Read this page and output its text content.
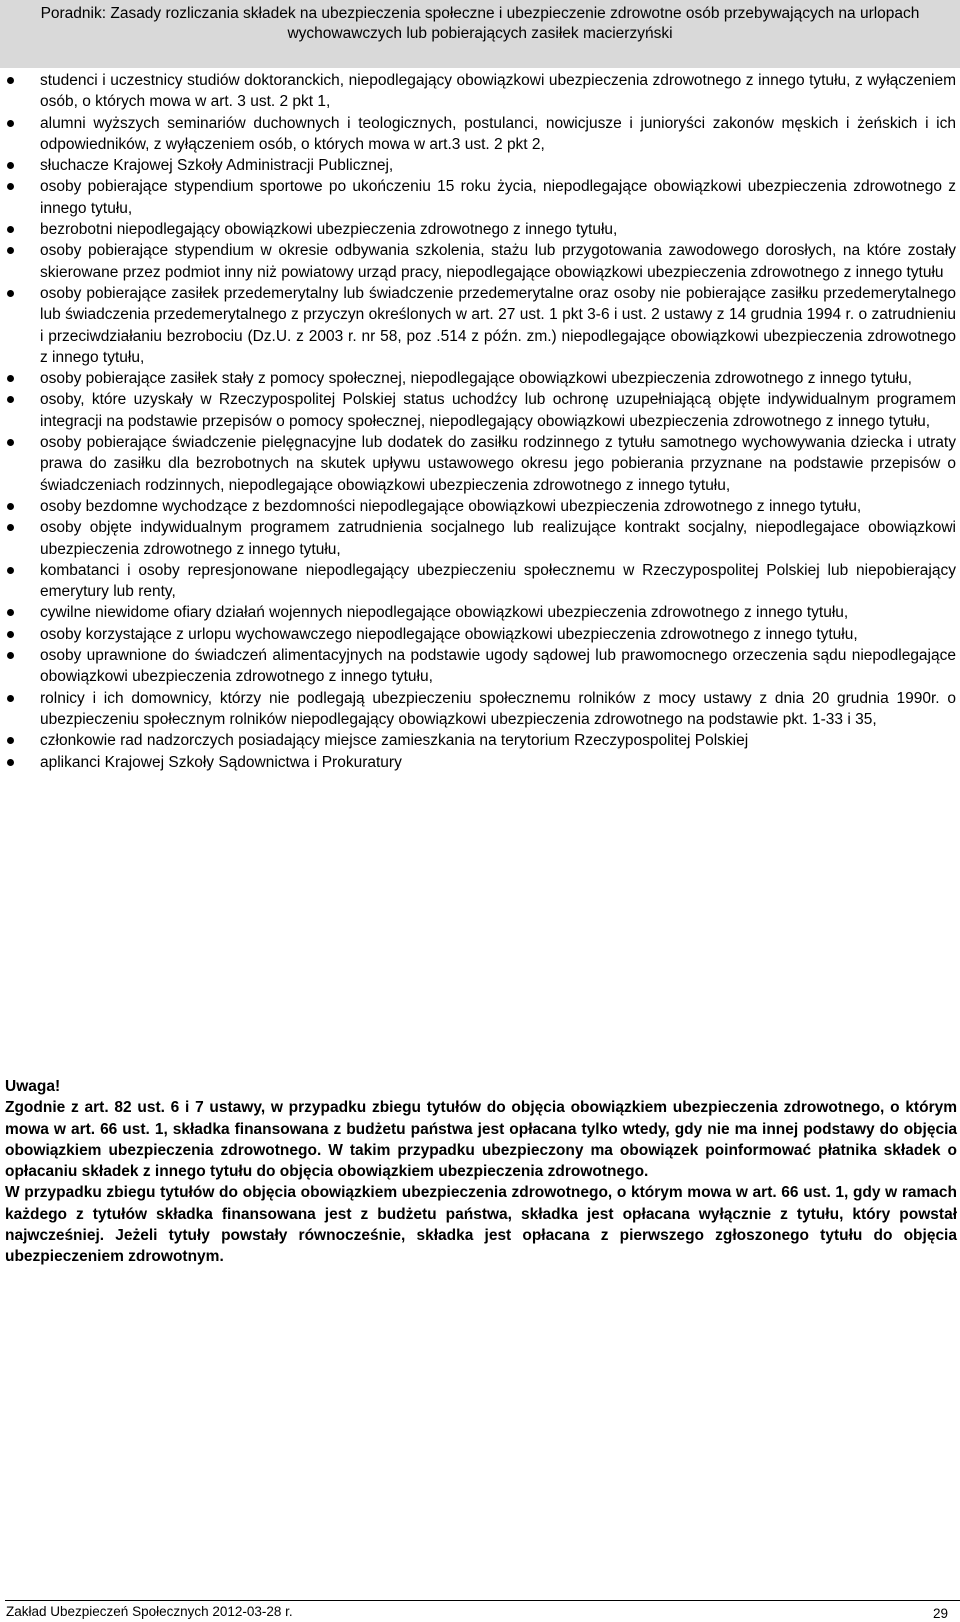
Poradnik: Zasady rozliczania składek na ubezpieczenia społeczne i ubezpieczenie zdrowotne osób przebywających na urlopach wychowawczych lub pobierających zasiłek macierzyński
studenci i uczestnicy studiów doktoranckich, niepodlegający obowiązkowi ubezpieczenia zdrowotnego z innego tytułu, z wyłączeniem osób, o których mowa w art. 3 ust. 2 pkt 1,
alumni wyższych seminariów duchownych i teologicznych, postulanci, nowicjusze i junioryści zakonów męskich i żeńskich i ich odpowiedników, z wyłączeniem osób, o których mowa w art.3 ust. 2 pkt 2,
słuchacze Krajowej Szkoły Administracji Publicznej,
osoby pobierające stypendium sportowe po ukończeniu 15 roku życia, niepodlegające obowiązkowi ubezpieczenia zdrowotnego z innego tytułu,
bezrobotni niepodlegający obowiązkowi ubezpieczenia zdrowotnego z innego tytułu,
osoby pobierające stypendium w okresie odbywania szkolenia, stażu lub przygotowania zawodowego dorosłych, na które zostały skierowane przez podmiot inny niż powiatowy urząd pracy, niepodlegające obowiązkowi ubezpieczenia zdrowotnego z innego tytułu
osoby pobierające zasiłek przedemerytalny lub świadczenie przedemerytalne oraz osoby nie pobierające zasiłku przedemerytalnego lub świadczenia przedemerytalnego z przyczyn określonych w art. 27 ust. 1 pkt 3-6 i ust. 2 ustawy z 14 grudnia 1994 r. o zatrudnieniu i przeciwdziałaniu bezrobociu (Dz.U. z 2003 r. nr 58, poz .514 z późn. zm.) niepodlegające obowiązkowi ubezpieczenia zdrowotnego z innego tytułu,
osoby pobierające zasiłek stały z pomocy społecznej, niepodlegające obowiązkowi ubezpieczenia zdrowotnego z innego tytułu,
osoby, które uzyskały w Rzeczypospolitej Polskiej status uchodźcy lub ochronę uzupełniającą objęte indywidualnym programem integracji na podstawie przepisów o pomocy społecznej, niepodlegający obowiązkowi ubezpieczenia zdrowotnego z innego tytułu,
osoby pobierające świadczenie pielęgnacyjne lub dodatek do zasiłku rodzinnego z tytułu samotnego wychowywania dziecka i utraty prawa do zasiłku dla bezrobotnych na skutek upływu ustawowego okresu jego pobierania przyznane na podstawie przepisów o świadczeniach rodzinnych, niepodlegające obowiązkowi ubezpieczenia zdrowotnego z innego tytułu,
osoby bezdomne wychodzące z bezdomności niepodlegające obowiązkowi ubezpieczenia zdrowotnego z innego tytułu,
osoby objęte indywidualnym programem zatrudnienia socjalnego lub realizujące kontrakt socjalny, niepodlegajace obowiązkowi ubezpieczenia zdrowotnego z innego tytułu,
kombatanci i osoby represjonowane niepodlegający ubezpieczeniu społecznemu w Rzeczypospolitej Polskiej lub niepobierający emerytury lub renty,
cywilne niewidome ofiary działań wojennych niepodlegające obowiązkowi ubezpieczenia zdrowotnego z innego tytułu,
osoby korzystające z urlopu wychowawczego niepodlegające obowiązkowi ubezpieczenia zdrowotnego z innego tytułu,
osoby uprawnione do świadczeń alimentacyjnych na podstawie ugody sądowej lub prawomocnego orzeczenia sądu niepodlegające obowiązkowi ubezpieczenia zdrowotnego z innego tytułu,
rolnicy i ich domownicy, którzy nie podlegają ubezpieczeniu społecznemu rolników z mocy ustawy z dnia 20 grudnia 1990r. o ubezpieczeniu społecznym rolników niepodlegający obowiązkowi ubezpieczenia zdrowotnego na podstawie pkt. 1-33 i 35,
członkowie rad nadzorczych posiadający miejsce zamieszkania na terytorium Rzeczypospolitej Polskiej
aplikanci Krajowej Szkoły Sądownictwa i Prokuratury

Uwaga!

Zgodnie z art. 82 ust. 6 i 7 ustawy, w przypadku zbiegu tytułów do objęcia obowiązkiem ubezpieczenia zdrowotnego, o którym mowa w art. 66 ust. 1, składka finansowana z budżetu państwa jest opłacana tylko wtedy, gdy nie ma innej podstawy do objęcia obowiązkiem ubezpieczenia zdrowotnego. W takim przypadku ubezpieczony ma obowiązek poinformować płatnika składek o opłacaniu składek z innego tytułu do objęcia obowiązkiem ubezpieczenia zdrowotnego.

W przypadku zbiegu tytułów do objęcia obowiązkiem ubezpieczenia zdrowotnego, o którym mowa w art. 66 ust. 1, gdy w ramach każdego z tytułów składka finansowana jest z budżetu państwa, składka jest opłacana wyłącznie z tytułu, który powstał najwcześniej. Jeżeli tytuły powstały równocześnie, składka jest opłacana z pierwszego zgłoszonego tytułu do objęcia ubezpieczeniem zdrowotnym.

Zakład Ubezpieczeń Społecznych 2012-03-28 r.	29
